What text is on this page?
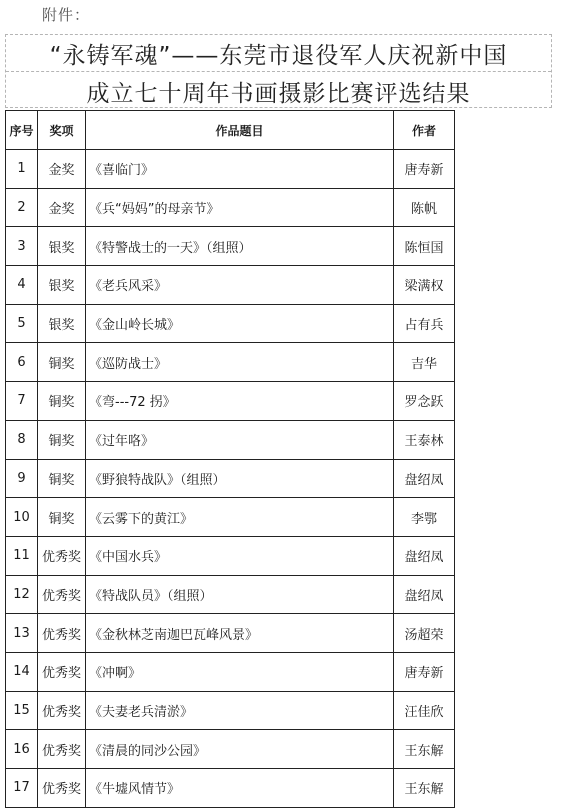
附件：
“永铸军魂”——东莞市退役军人庆祝新中国
成立七十周年书画摄影比赛评选结果
序号	奖项	作品题目	作者
1	金奖	《喜临门》	唐寿新
2	金奖	《兵“妈妈”的母亲节》	陈帆
3	银奖	《特警战士的一天》（组照）	陈恒国
4	银奖	《老兵风采》	梁满权
5	银奖	《金山岭长城》	占有兵
6	铜奖	《巡防战士》	吉华
7	铜奖	《弯---72 拐》	罗念跃
8	铜奖	《过年咯》	王泰林
9	铜奖	《野狼特战队》（组照）	盘绍凤
10	铜奖	《云雾下的黄江》	李鄂
11	优秀奖	《中国水兵》	盘绍凤
12	优秀奖	《特战队员》（组照）	盘绍凤
13	优秀奖	《金秋林芝南迦巴瓦峰风景》	汤超荣
14	优秀奖	《冲啊》	唐寿新
15	优秀奖	《夫妻老兵清淤》	汪佳欣
16	优秀奖	《清晨的同沙公园》	王东解
17	优秀奖	《牛墟风情节》	王东解
